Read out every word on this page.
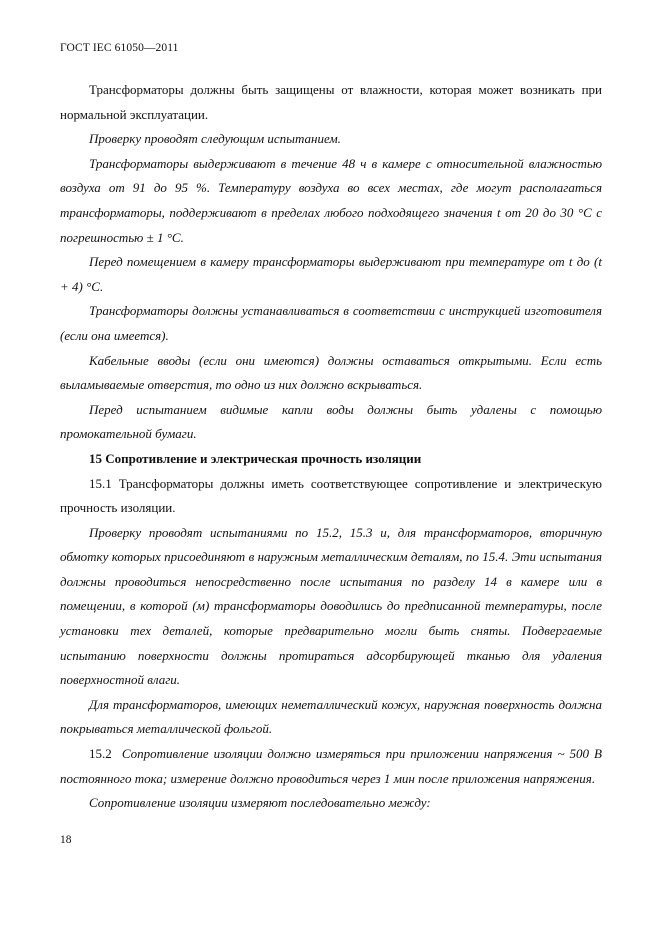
ГОСТ IEC 61050—2011

Трансформаторы должны быть защищены от влажности, которая может возникать при нормальной эксплуатации.

Проверку проводят следующим испытанием.

Трансформаторы выдерживают в течение 48 ч в камере с относительной влажностью воздуха от 91 до 95 %. Температуру воздуха во всех местах, где могут располагаться трансформаторы, поддерживают в пределах любого подходящего значения t от 20 до 30 °С с погрешностью ± 1 °С.

Перед помещением в камеру трансформаторы выдерживают при температуре от t до (t + 4) °С.

Трансформаторы должны устанавливаться в соответствии с инструкцией изготовителя (если она имеется).

Кабельные вводы (если они имеются) должны оставаться открытыми. Если есть выламываемые отверстия, то одно из них должно вскрываться.

Перед испытанием видимые капли воды должны быть удалены с помощью промокательной бумаги.

15 Сопротивление и электрическая прочность изоляции

15.1 Трансформаторы должны иметь соответствующее сопротивление и электрическую прочность изоляции.

Проверку проводят испытаниями по 15.2, 15.3 и, для трансформаторов, вторичную обмотку которых присоединяют в наружным металлическим деталям, по 15.4. Эти испытания должны проводиться непосредственно после испытания по разделу 14 в камере или в помещении, в которой (м) трансформаторы доводились до предписанной температуры, после установки тех деталей, которые предварительно могли быть сняты. Подвергаемые испытанию поверхности должны протираться адсорбирующей тканью для удаления поверхностной влаги.

Для трансформаторов, имеющих неметаллический кожух, наружная поверхность должна покрываться металлической фольгой.

15.2 Сопротивление изоляции должно измеряться при приложении напряжения ~ 500 В постоянного тока; измерение должно проводиться через 1 мин после приложения напряжения.

Сопротивление изоляции измеряют последовательно между:

18
